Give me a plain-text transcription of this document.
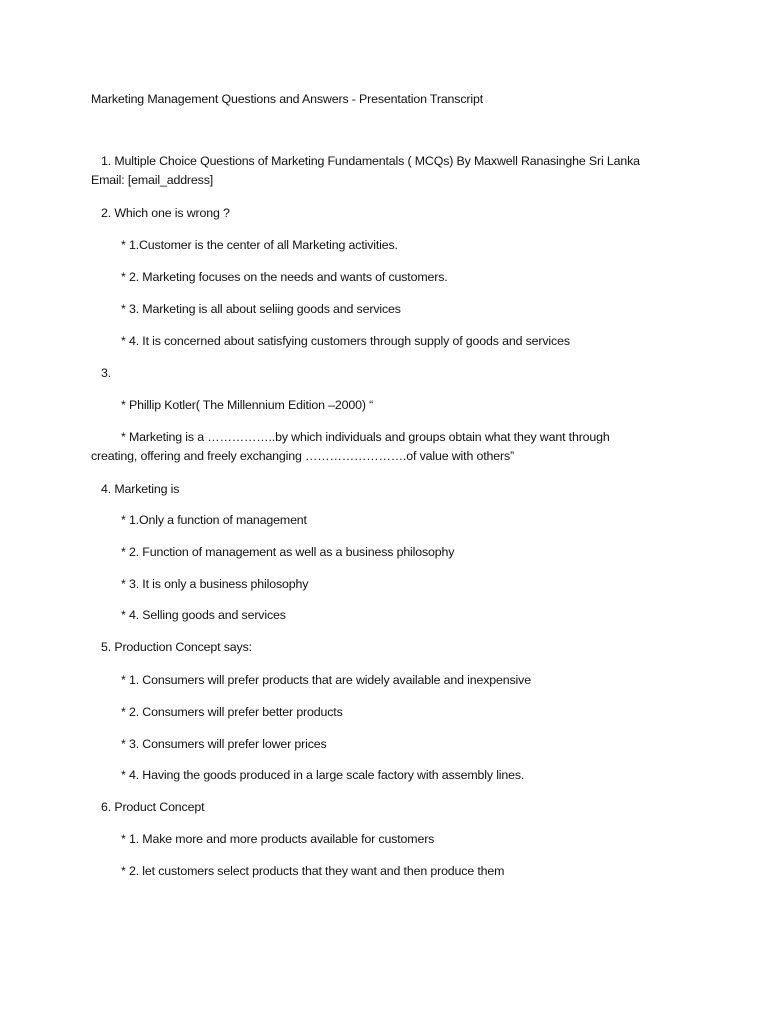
Marketing Management Questions and Answers - Presentation Transcript
1. Multiple Choice Questions of Marketing Fundamentals ( MCQs) By Maxwell Ranasinghe Sri Lanka Email: [email_address]
2. Which one is wrong ?
* 1.Customer is the center of all Marketing activities.
* 2. Marketing focuses on the needs and wants of customers.
* 3. Marketing is all about seliing goods and services
* 4. It is concerned about satisfying customers through supply of goods and services
3.
* Phillip Kotler( The Millennium Edition –2000) “
* Marketing is a ……………..by which individuals and groups obtain what they want through creating, offering and freely exchanging …………………….of value with others”
4. Marketing is
* 1.Only a function of management
* 2. Function of management as well as a business philosophy
* 3. It is only a business philosophy
* 4. Selling goods and services
5. Production Concept says:
* 1. Consumers will prefer products that are widely available and inexpensive
* 2. Consumers will prefer better products
* 3. Consumers will prefer lower prices
* 4. Having the goods produced in a large scale factory with assembly lines.
6. Product Concept
* 1. Make more and more products available for customers
* 2. let customers select products that they want and then produce them
